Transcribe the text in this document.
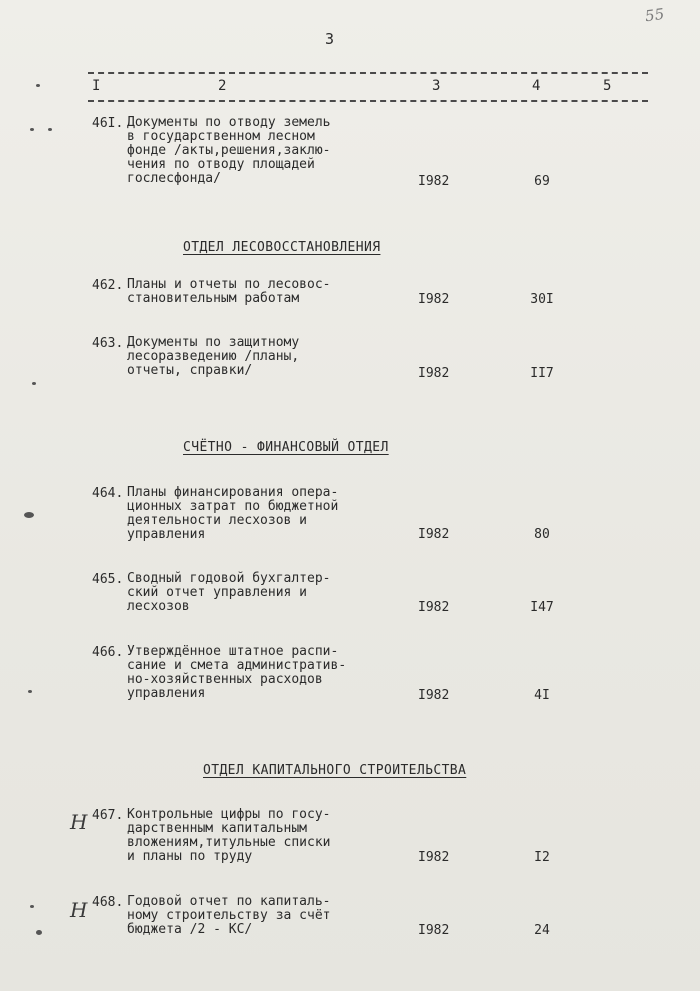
3
55
I	2	3	4	5
46I. Документы по отводу земель
в государственном лесном
фонде /акты,решения,заклю-
чения по отводу площадей
гослесфонда/	I982	69
ОТДЕЛ ЛЕСОВОССТАНОВЛЕНИЯ
462. Планы и отчеты по лесовос-
становительным работам	I982	30I
463. Документы по защитному
лесоразведению /планы,
отчеты, справки/	I982	II7
СЧЁТНО - ФИНАНСОВЫЙ ОТДЕЛ
464. Планы финансирования опера-
ционных затрат по бюджетной
деятельности лесхозов и
управления	I982	80
465. Сводный годовой бухгалтер-
ский отчет управления и
лесхозов	I982	I47
466. Утверждённое штатное распи-
сание и смета административ-
но-хозяйственных расходов
управления	I982	4I
ОТДЕЛ КАПИТАЛЬНОГО СТРОИТЕЛЬСТВА
Н 467. Контрольные цифры по госу-
дарственным капитальным
вложениям,титульные списки
и планы по труду	I982	I2
Н 468. Годовой отчет по капиталь-
ному строительству за счёт
бюджета /2 - КС/	I982	24
